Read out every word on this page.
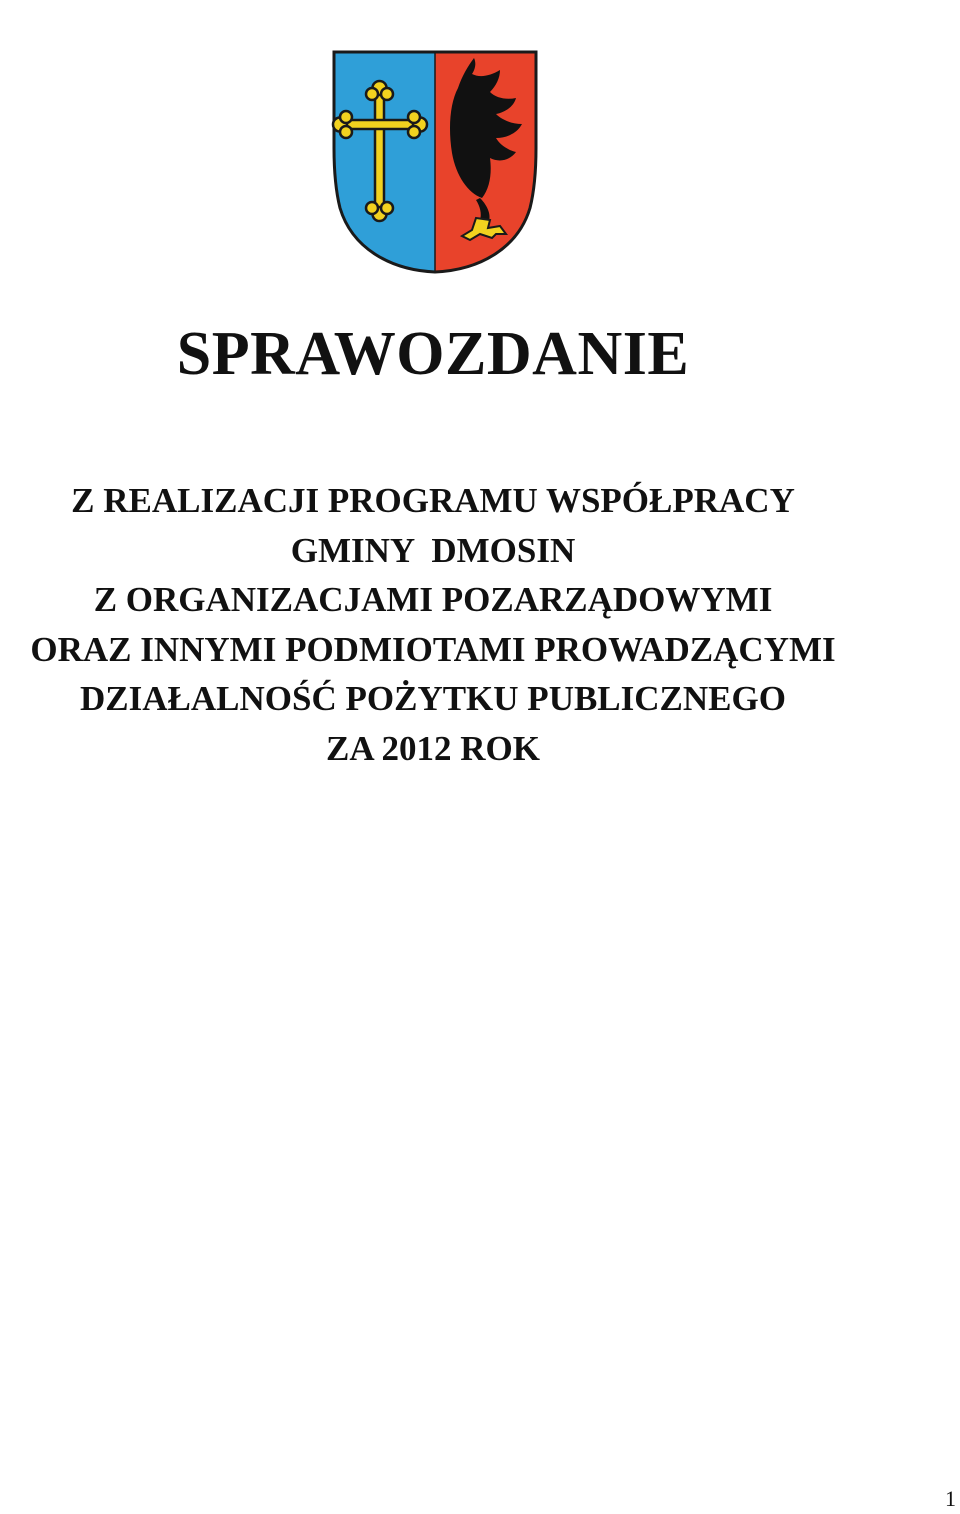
SPRAWOZDANIE
Z REALIZACJI PROGRAMU WSPÓŁPRACY
GMINY  DMOSIN
Z ORGANIZACJAMI POZARZĄDOWYMI
ORAZ INNYMI PODMIOTAMI PROWADZĄCYMI
DZIAŁALNOŚĆ POŻYTKU PUBLICZNEGO
ZA 2012 ROK
1
